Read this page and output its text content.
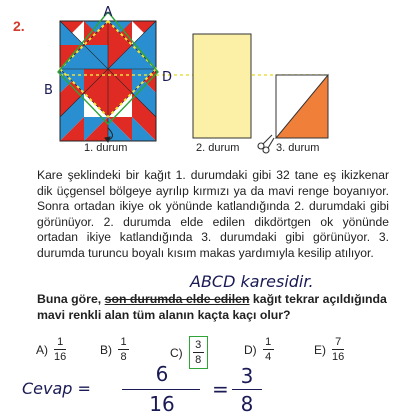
2.
A
B
D
1. durum	2. durum	3. durum
Kare şeklindeki bir kağıt 1. durumdaki gibi 32 tane eş ikizkenar dik üçgensel bölgeye ayrılıp kırmızı ya da mavi renge boyanıyor. Sonra ortadan ikiye ok yönünde katlandığında 2. durumdaki gibi görünüyor. 2. durumda elde edilen dikdörtgen ok yönünde ortadan ikiye katlandığında 3. durumdaki gibi görünüyor. 3. durumda turuncu boyalı kısım makas yardımıyla kesilip atılıyor.
ABCD karesidir.
Buna göre, son durumda elde edilen kağıt tekrar açıldığında mavi renkli alan tüm alanın kaçta kaçı olur?
$A) \frac{1}{16}$	$B) \frac{1}{8}$	$C) \frac{3}{8}$	$D) \frac{1}{4}$	$E) \frac{7}{16}$
Cevap =
6
16
=
3
8
